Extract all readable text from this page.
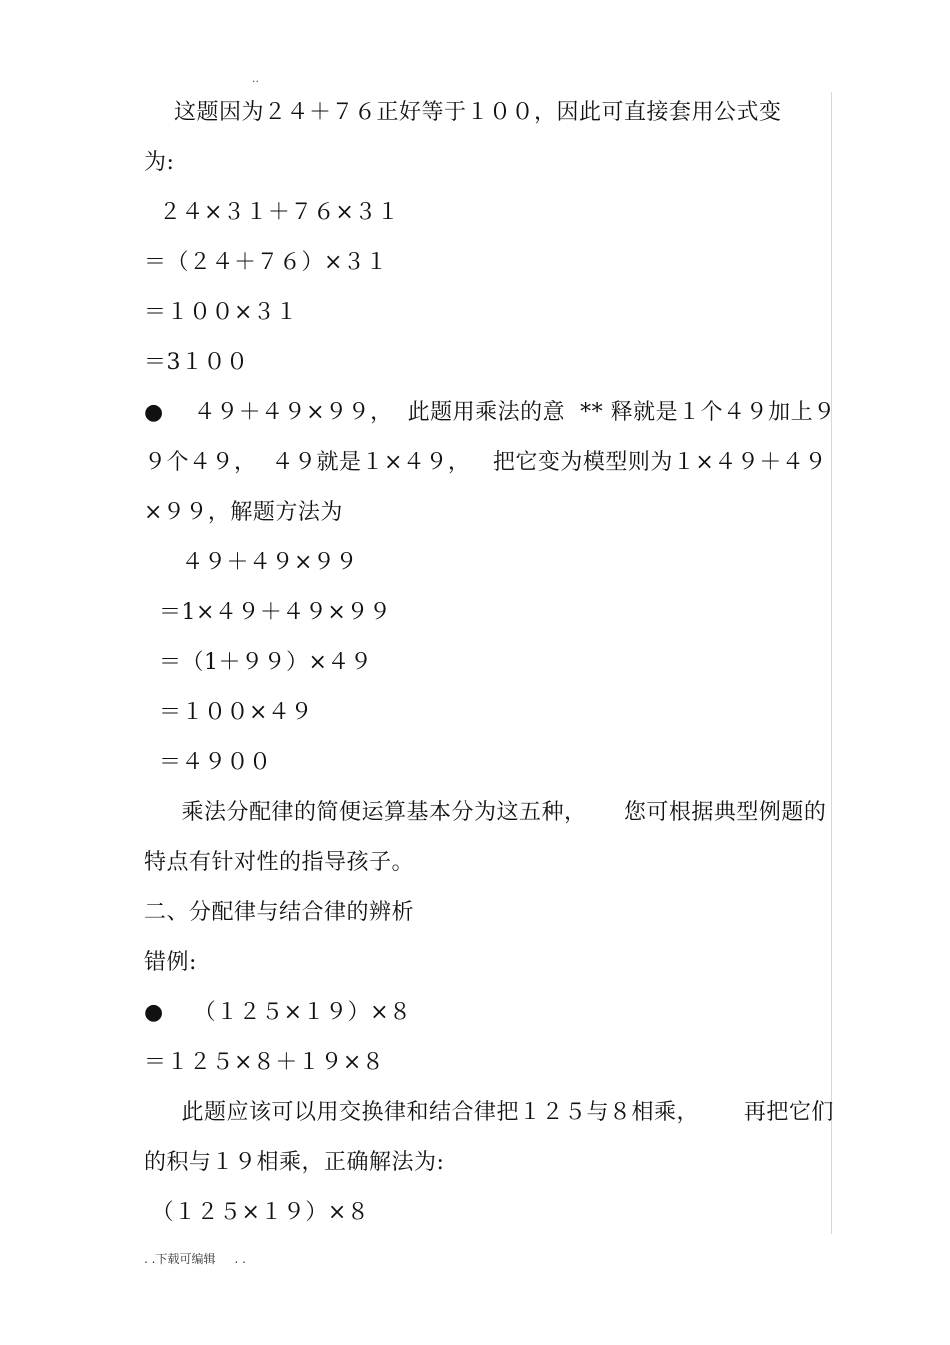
..
这题因为２４＋７６正好等于１００，因此可直接套用公式变
为:
２４×３１＋７６×３１
＝（２４＋７６）×３１
＝１００×３１
＝3１００
●    ４９＋４９×９９，  此题用乘法的意  ** 释就是１个４９加上９
９个４９，  ４９就是１×４９，   把它变为模型则为１×４９＋４９
×９９，解题方法为
４９＋４９×９９
＝1×４９＋４９×９９
＝（1＋９９）×４９
＝１００×４９
＝４９００
乘法分配律的简便运算基本分为这五种，     您可根据典型例题的
特点有针对性的指导孩子。
二、分配律与结合律的辨析
错例:
●    （１２５×１９）×８
＝１２５×８＋１９×８
此题应该可以用交换律和结合律把１２５与８相乘，      再把它们
的积与１９相乘，正确解法为:
（１２５×１９）×８
. .下载可编辑     . .
